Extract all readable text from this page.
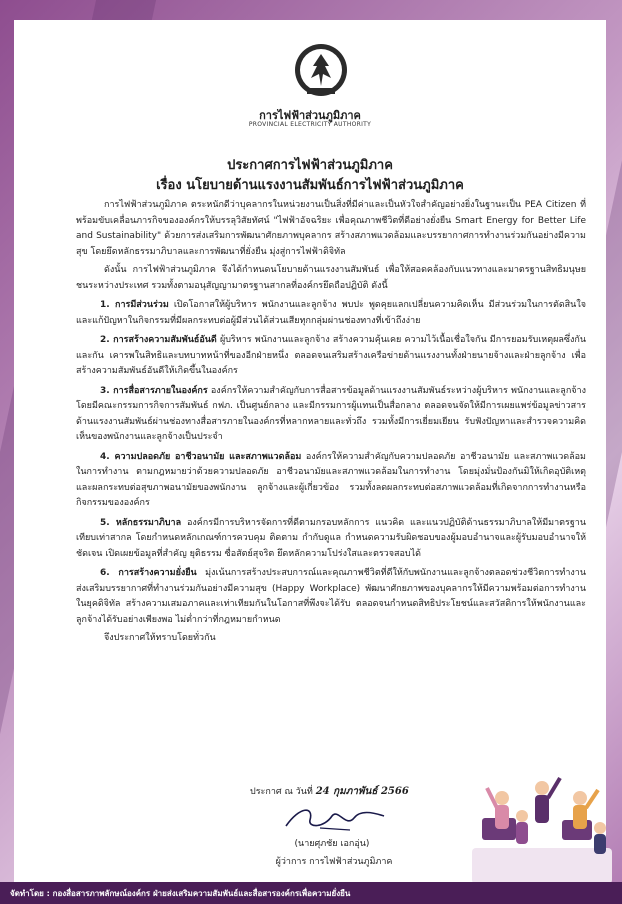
การไฟฟ้าส่วนภูมิภาค
PROVINCIAL ELECTRICITY AUTHORITY
ประกาศการไฟฟ้าส่วนภูมิภาค
เรื่อง นโยบายด้านแรงงานสัมพันธ์การไฟฟ้าส่วนภูมิภาค

การไฟฟ้าส่วนภูมิภาค ตระหนักดีว่าบุคลากรในหน่วยงานเป็นสิ่งที่มีค่าและเป็นหัวใจสำคัญอย่างยิ่งในฐานะเป็น PEA Citizen ที่พร้อมขับเคลื่อนภารกิจขององค์กรให้บรรลุวิสัยทัศน์ "ไฟฟ้าอัจฉริยะ เพื่อคุณภาพชีวิตที่ดีอย่างยั่งยืน Smart Energy for Better Life and Sustainability" ด้วยการส่งเสริมการพัฒนาศักยภาพบุคลากร สร้างสภาพแวดล้อมและบรรยากาศการทำงานร่วมกันอย่างมีความสุข โดยยึดหลักธรรมาภิบาลและการพัฒนาที่ยั่งยืน มุ่งสู่การไฟฟ้าดิจิทัล

ดังนั้น การไฟฟ้าส่วนภูมิภาค จึงได้กำหนดนโยบายด้านแรงงานสัมพันธ์ เพื่อให้สอดคล้องกับแนวทางและมาตรฐานสิทธิมนุษยชนระหว่างประเทศ รวมทั้งตามอนุสัญญามาตรฐานสากลที่องค์กรยึดถือปฏิบัติ ดังนี้

1. การมีส่วนร่วม เปิดโอกาสให้ผู้บริหาร พนักงานและลูกจ้าง พบปะ พูดคุยแลกเปลี่ยนความคิดเห็น มีส่วนร่วมในการตัดสินใจและแก้ปัญหาในกิจกรรมที่มีผลกระทบต่อผู้มีส่วนได้ส่วนเสียทุกกลุ่มผ่านช่องทางที่เข้าถึงง่าย

2. การสร้างความสัมพันธ์อันดี ผู้บริหาร พนักงานและลูกจ้าง สร้างความคุ้นเคย ความไว้เนื้อเชื่อใจกัน มีการยอมรับเหตุผลซึ่งกันและกัน เคารพในสิทธิและบทบาทหน้าที่ของอีกฝ่ายหนึ่ง ตลอดจนเสริมสร้างเครือข่ายด้านแรงงานทั้งฝ่ายนายจ้างและฝ่ายลูกจ้าง เพื่อสร้างความสัมพันธ์อันดีให้เกิดขึ้นในองค์กร

3. การสื่อสารภายในองค์กร องค์กรให้ความสำคัญกับการสื่อสารข้อมูลด้านแรงงานสัมพันธ์ระหว่างผู้บริหาร พนักงานและลูกจ้าง โดยมีคณะกรรมการกิจการสัมพันธ์ กฟภ. เป็นศูนย์กลาง และมีกรรมการผู้แทนเป็นสื่อกลาง ตลอดจนจัดให้มีการเผยแพร่ข้อมูลข่าวสารด้านแรงงานสัมพันธ์ผ่านช่องทางสื่อสารภายในองค์กรที่หลากหลายและทั่วถึง รวมทั้งมีการเยี่ยมเยียน รับฟังปัญหาและสำรวจความคิดเห็นของพนักงานและลูกจ้างเป็นประจำ

4. ความปลอดภัย อาชีวอนามัย และสภาพแวดล้อม องค์กรให้ความสำคัญกับความปลอดภัย อาชีวอนามัย และสภาพแวดล้อมในการทำงาน ตามกฎหมายว่าด้วยความปลอดภัย อาชีวอนามัยและสภาพแวดล้อมในการทำงาน โดยมุ่งมั่นป้องกันมิให้เกิดอุบัติเหตุและผลกระทบต่อสุขภาพอนามัยของพนักงาน ลูกจ้างและผู้เกี่ยวข้อง รวมทั้งลดผลกระทบต่อสภาพแวดล้อมที่เกิดจากการทำงานหรือกิจกรรมขององค์กร

5. หลักธรรมาภิบาล องค์กรมีการบริหารจัดการที่ดีตามกรอบหลักการ แนวคิด และแนวปฏิบัติด้านธรรมาภิบาลให้มีมาตรฐานเทียบเท่าสากล โดยกำหนดหลักเกณฑ์การควบคุม ติดตาม กำกับดูแล กำหนดความรับผิดชอบของผู้มอบอำนาจและผู้รับมอบอำนาจให้ชัดเจน เปิดเผยข้อมูลที่สำคัญ ยุติธรรม ซื่อสัตย์สุจริต ยึดหลักความโปร่งใสและตรวจสอบได้

6. การสร้างความยั่งยืน มุ่งเน้นการสร้างประสบการณ์และคุณภาพชีวิตที่ดีให้กับพนักงานและลูกจ้างตลอดช่วงชีวิตการทำงาน ส่งเสริมบรรยากาศที่ทำงานร่วมกันอย่างมีความสุข (Happy Workplace) พัฒนาศักยภาพของบุคลากรให้มีความพร้อมต่อการทำงานในยุคดิจิทัล สร้างความเสมอภาคและเท่าเทียมกันในโอกาสที่พึงจะได้รับ ตลอดจนกำหนดสิทธิประโยชน์และสวัสดิการให้พนักงานและลูกจ้างได้รับอย่างเพียงพอ ไม่ต่ำกว่าที่กฎหมายกำหนด

จึงประกาศให้ทราบโดยทั่วกัน

ประกาศ ณ วันที่ 24 กุมภาพันธ์ 2566
(นายศุภชัย เอกอุ่น)
ผู้ว่าการ การไฟฟ้าส่วนภูมิภาค
จัดทำโดย : กองสื่อสารภาพลักษณ์องค์กร ฝ่ายส่งเสริมความสัมพันธ์และสื่อสารองค์กรเพื่อความยั่งยืน
